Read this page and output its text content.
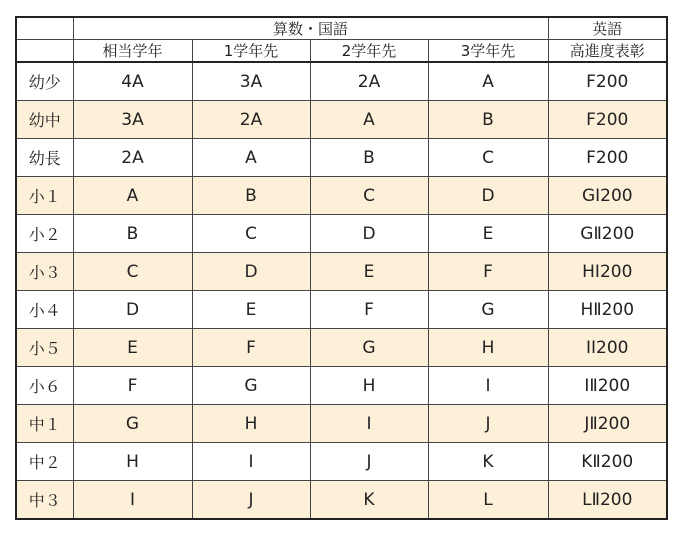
	算数・国語				英語
	相当学年	1学年先	2学年先	3学年先	高進度表彰
幼少	4A	3A	2A	A	F200
幼中	3A	2A	A	B	F200
幼長	2A	A	B	C	F200
小１	A	B	C	D	GⅠ200
小２	B	C	D	E	GⅡ200
小３	C	D	E	F	HⅠ200
小４	D	E	F	G	HⅡ200
小５	E	F	G	H	IⅠ200
小６	F	G	H	I	IⅡ200
中１	G	H	I	J	JⅡ200
中２	H	I	J	K	KⅡ200
中３	I	J	K	L	LⅡ200
